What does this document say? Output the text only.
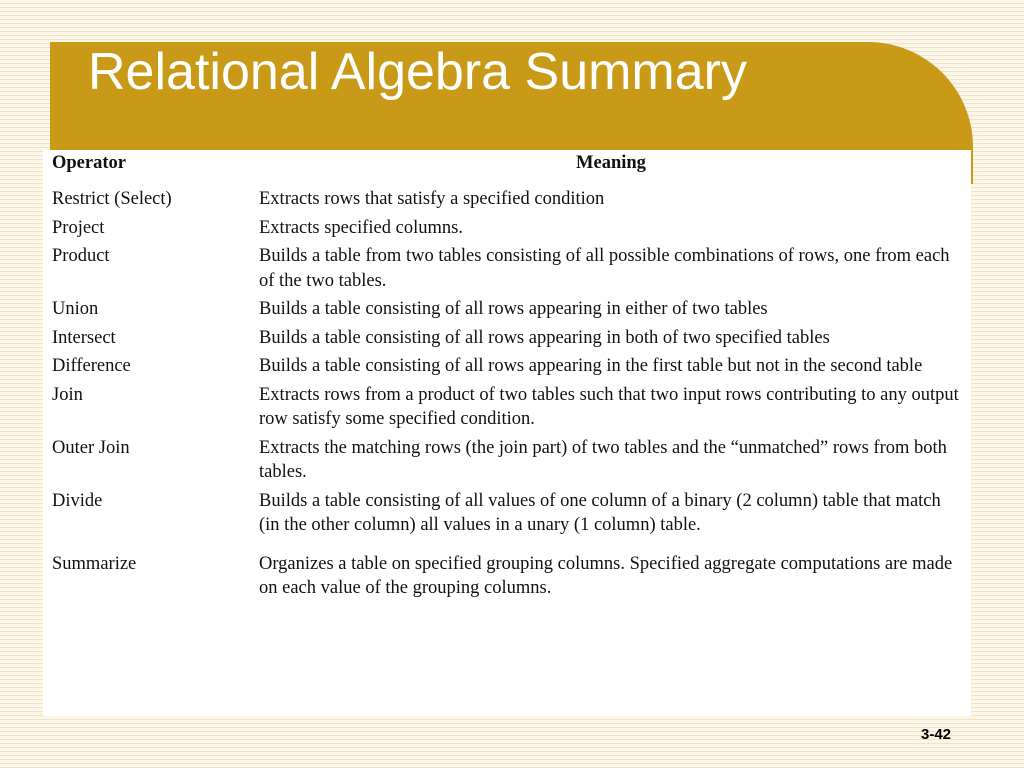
Relational Algebra Summary
Operator	Meaning

Restrict (Select)	Extracts rows that satisfy a specified condition
Project	Extracts specified columns.
Product	Builds a table from two tables consisting of all possible combinations of rows, one from each of the two tables.
Union	Builds a table consisting of all rows appearing in either of two tables
Intersect	Builds a table consisting of all rows appearing in both of two specified tables
Difference	Builds a table consisting of all rows appearing in the first table but not in the second table
Join	Extracts rows from a product of two tables such that two input rows contributing to any output row satisfy some specified condition.
Outer Join	Extracts the matching rows (the join part) of two tables and the “unmatched” rows from both tables.
Divide	Builds a table consisting of all values of one column of a binary (2 column) table that match (in the other column) all values in a unary (1 column) table.

Summarize	Organizes a table on specified grouping columns. Specified aggregate computations are made on each value of the grouping columns.
3-42
